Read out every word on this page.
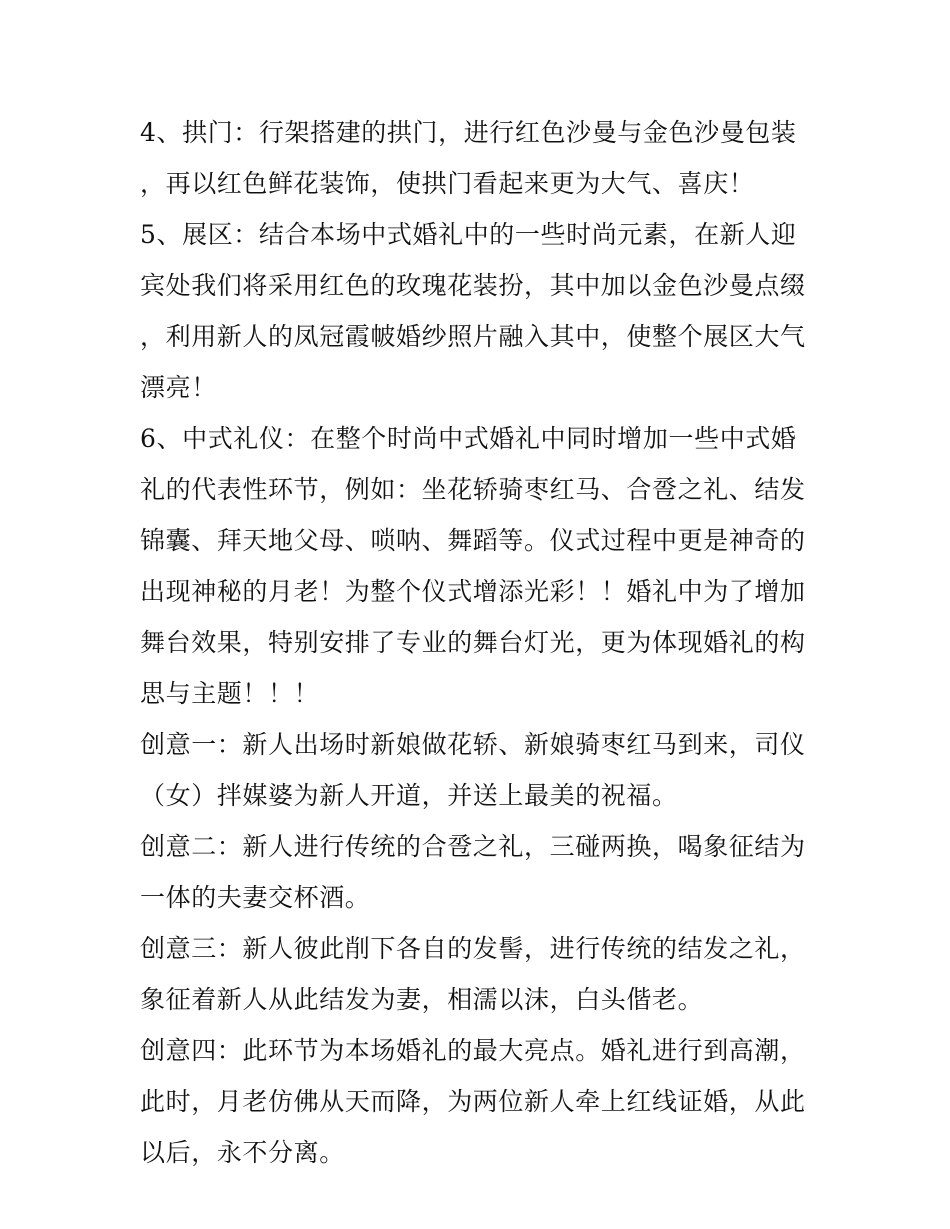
4、拱门：行架搭建的拱门，进行红色沙曼与金色沙曼包装，再以红色鲜花装饰，使拱门看起来更为大气、喜庆！

5、展区：结合本场中式婚礼中的一些时尚元素，在新人迎宾处我们将采用红色的玫瑰花装扮，其中加以金色沙曼点缀，利用新人的凤冠霞帔婚纱照片融入其中，使整个展区大气漂亮！

6、中式礼仪：在整个时尚中式婚礼中同时增加一些中式婚礼的代表性环节，例如：坐花轿骑枣红马、合卺之礼、结发锦囊、拜天地父母、唢呐、舞蹈等。仪式过程中更是神奇的出现神秘的月老！为整个仪式增添光彩！！婚礼中为了增加舞台效果，特别安排了专业的舞台灯光，更为体现婚礼的构思与主题！！！

创意一：新人出场时新娘做花轿、新娘骑枣红马到来，司仪（女）拌媒婆为新人开道，并送上最美的祝福。

创意二：新人进行传统的合卺之礼，三碰两换，喝象征结为一体的夫妻交杯酒。

创意三：新人彼此削下各自的发髻，进行传统的结发之礼，象征着新人从此结发为妻，相濡以沫，白头偕老。

创意四：此环节为本场婚礼的最大亮点。婚礼进行到高潮，此时，月老仿佛从天而降，为两位新人牵上红线证婚，从此以后，永不分离。
